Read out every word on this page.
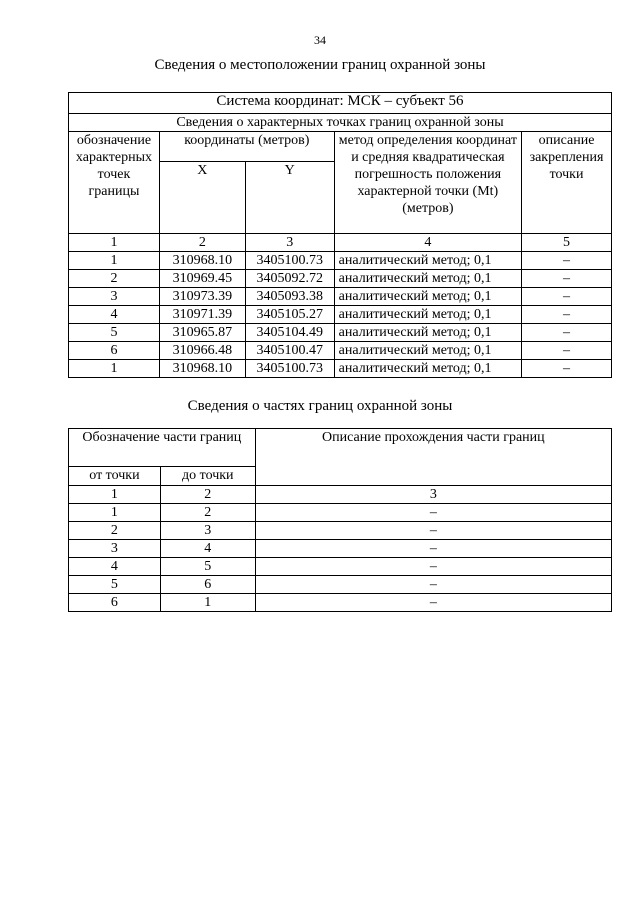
34
Сведения о местоположении границ охранной зоны
Система координат: МСК – субъект 56				
Сведения о характерных точках границ охранной зоны				
обозначение характерных точек границы	координаты (метров)		метод определения координат и средняя квадратическая погрешность положения характерной точки (Mt) (метров)	описание закрепления точки
	X	Y		
1	2	3	4	5
1	310968.10	3405100.73	аналитический метод; 0,1	–
2	310969.45	3405092.72	аналитический метод; 0,1	–
3	310973.39	3405093.38	аналитический метод; 0,1	–
4	310971.39	3405105.27	аналитический метод; 0,1	–
5	310965.87	3405104.49	аналитический метод; 0,1	–
6	310966.48	3405100.47	аналитический метод; 0,1	–
1	310968.10	3405100.73	аналитический метод; 0,1	–
Сведения о частях границ охранной зоны
Обозначение части границ		Описание прохождения части границ
от точки	до точки	
1	2	3
1	2	–
2	3	–
3	4	–
4	5	–
5	6	–
6	1	–
